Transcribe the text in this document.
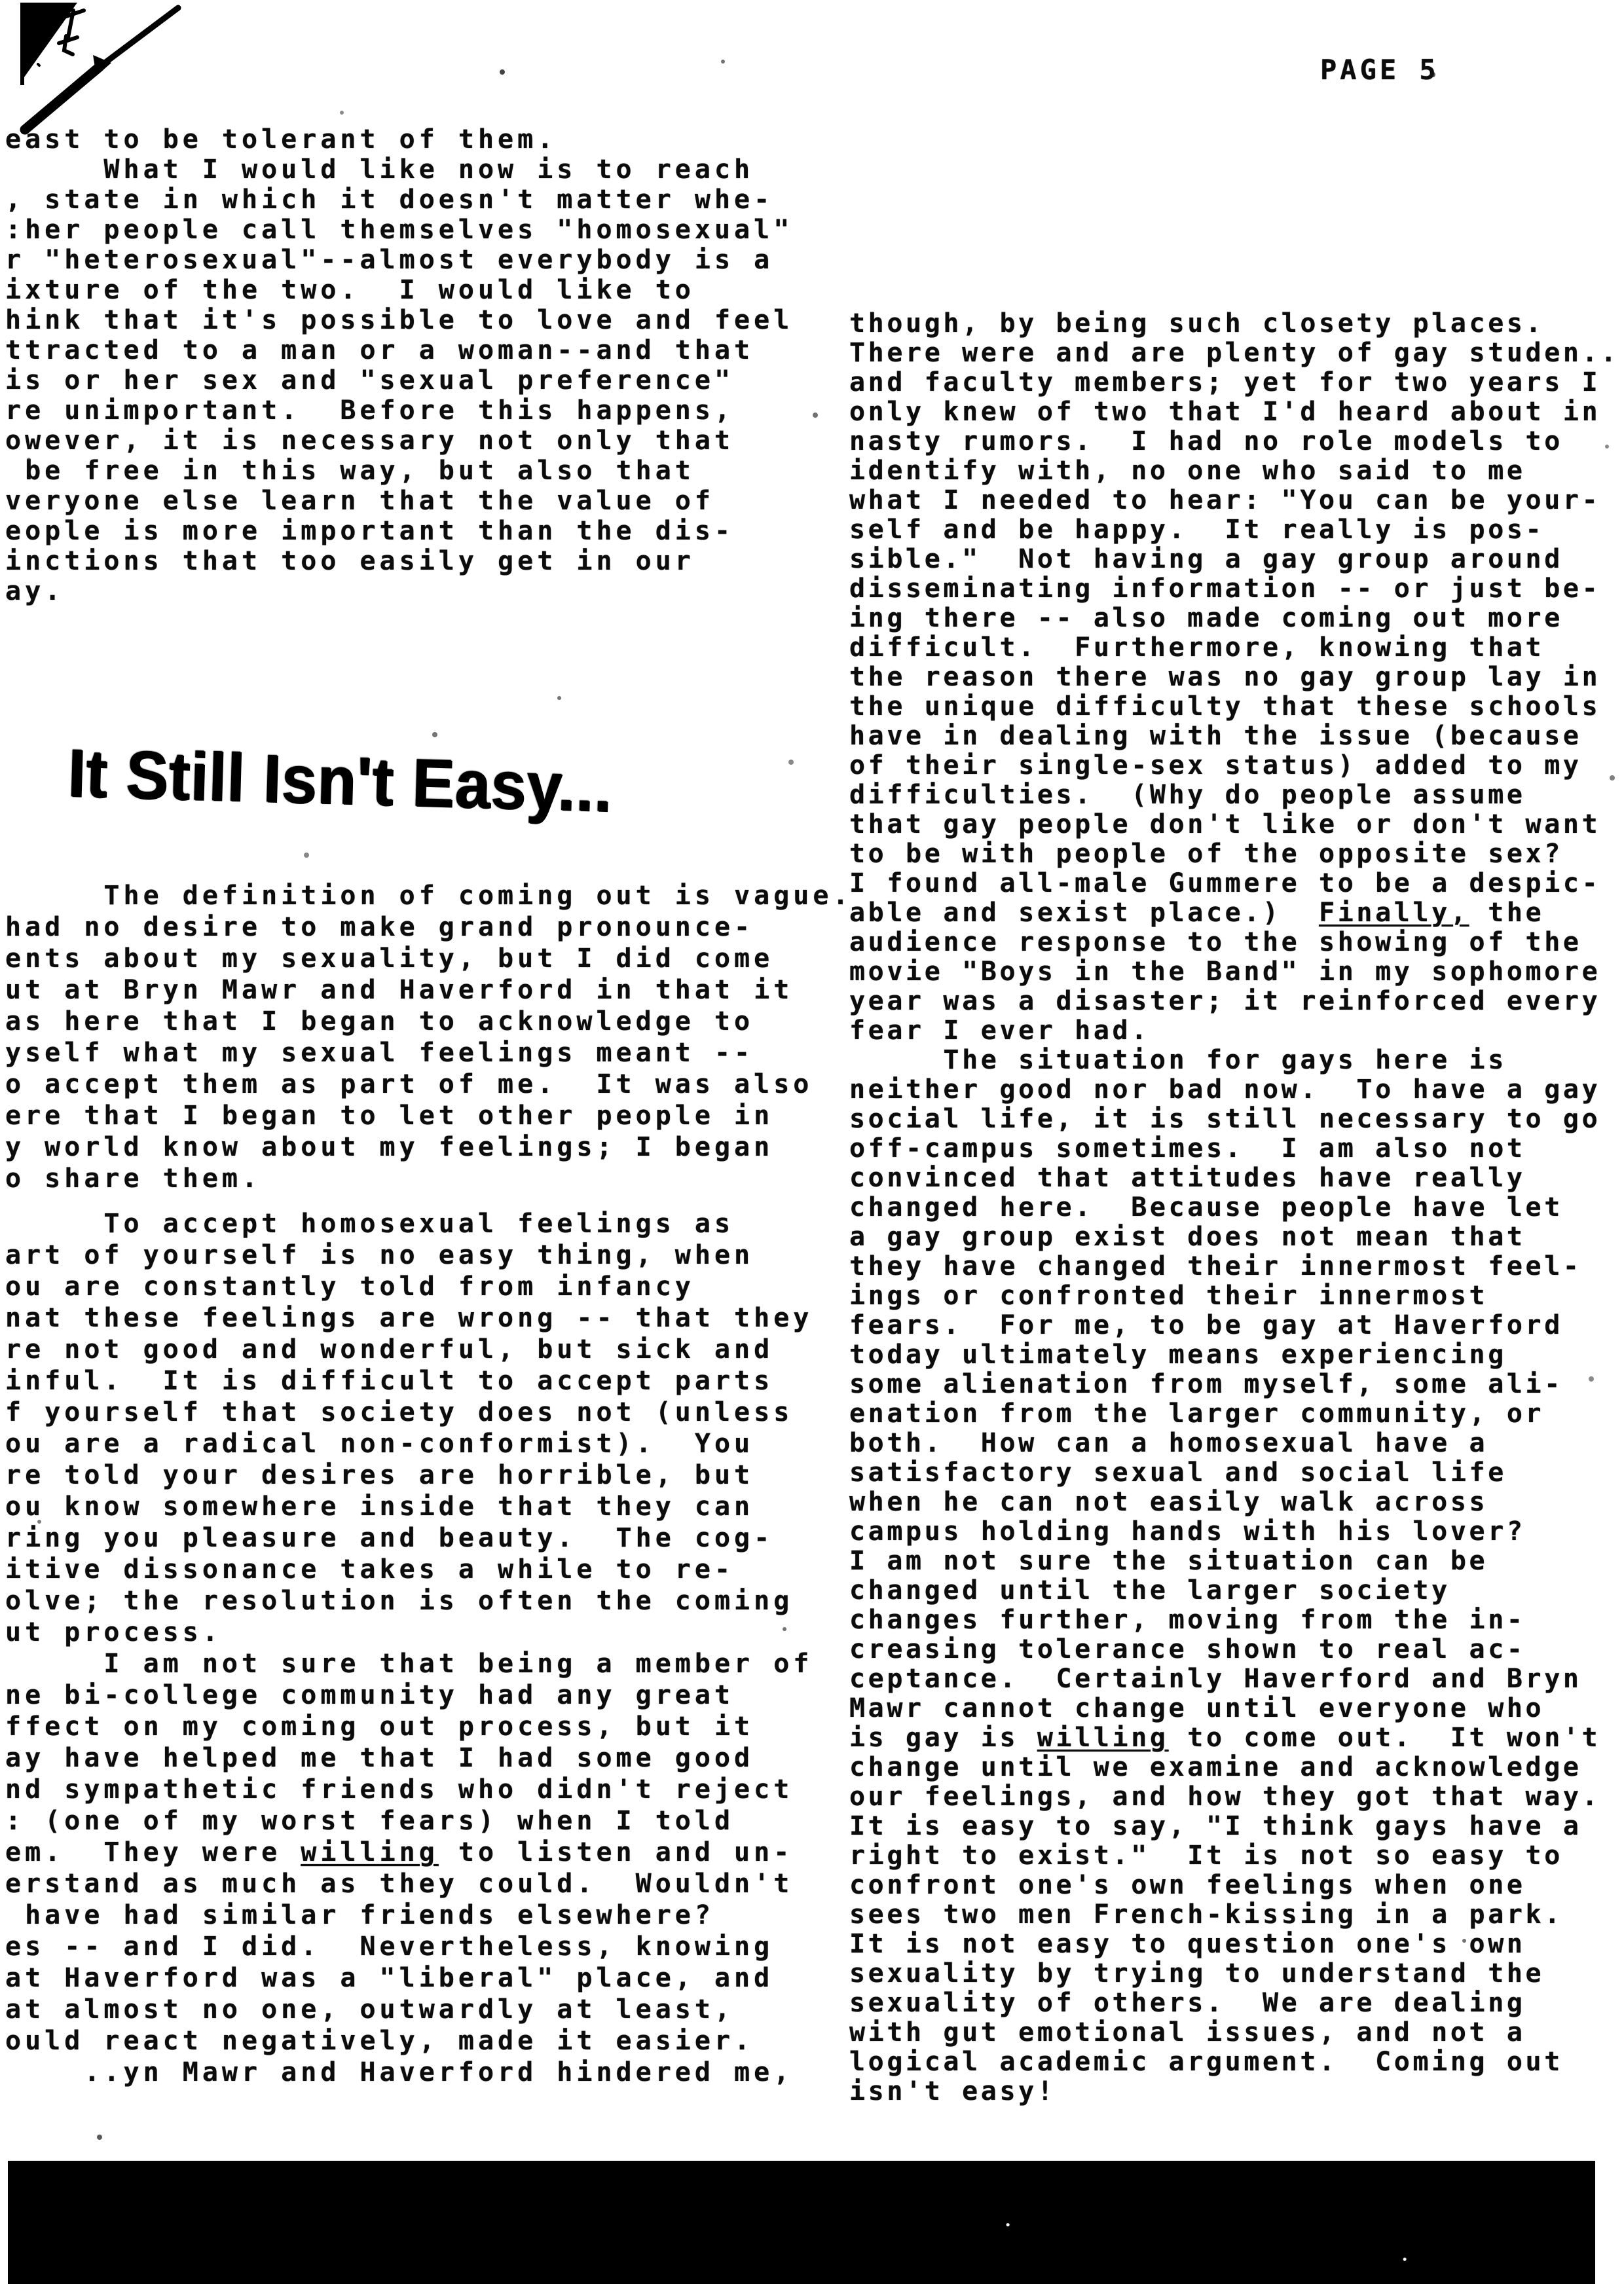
PAGE 5
east to be tolerant of them.
What I would like now is to reach
, state in which it doesn't matter whe-
:her people call themselves "homosexual"
r "heterosexual"--almost everybody is a
ixture of the two.  I would like to
hink that it's possible to love and feel
ttracted to a man or a woman--and that
is or her sex and "sexual preference"
re unimportant.  Before this happens,
owever, it is necessary not only that
be free in this way, but also that
veryone else learn that the value of
eople is more important than the dis-
inctions that too easily get in our
ay.
It Still Isn't Easy...
The definition of coming out is vague.
had no desire to make grand pronounce-
ents about my sexuality, but I did come
ut at Bryn Mawr and Haverford in that it
as here that I began to acknowledge to
yself what my sexual feelings meant --
o accept them as part of me.  It was also
ere that I began to let other people in
y world know about my feelings; I began
o share them.
To accept homosexual feelings as
art of yourself is no easy thing, when
ou are constantly told from infancy
nat these feelings are wrong -- that they
re not good and wonderful, but sick and
inful.  It is difficult to accept parts
f yourself that society does not (unless
ou are a radical non-conformist).  You
re told your desires are horrible, but
ou know somewhere inside that they can
ring you pleasure and beauty.  The cog-
itive dissonance takes a while to re-
olve; the resolution is often the coming
ut process.
I am not sure that being a member of
ne bi-college community had any great
ffect on my coming out process, but it
ay have helped me that I had some good
nd sympathetic friends who didn't reject
: (one of my worst fears) when I told
em.  They were willing to listen and un-
erstand as much as they could.  Wouldn't
have had similar friends elsewhere?
es -- and I did.  Nevertheless, knowing
at Haverford was a "liberal" place, and
at almost no one, outwardly at least,
ould react negatively, made it easier.
..yn Mawr and Haverford hindered me,
though, by being such closety places.
There were and are plenty of gay studen..
and faculty members; yet for two years I
only knew of two that I'd heard about in
nasty rumors.  I had no role models to
identify with, no one who said to me
what I needed to hear: "You can be your-
self and be happy.  It really is pos-
sible."  Not having a gay group around
disseminating information -- or just be-
ing there -- also made coming out more
difficult.  Furthermore, knowing that
the reason there was no gay group lay in
the unique difficulty that these schools
have in dealing with the issue (because
of their single-sex status) added to my
difficulties.  (Why do people assume
that gay people don't like or don't want
to be with people of the opposite sex?
I found all-male Gummere to be a despic-
able and sexist place.)  Finally, the
audience response to the showing of the
movie "Boys in the Band" in my sophomore
year was a disaster; it reinforced every
fear I ever had.
The situation for gays here is
neither good nor bad now.  To have a gay
social life, it is still necessary to go
off-campus sometimes.  I am also not
convinced that attitudes have really
changed here.  Because people have let
a gay group exist does not mean that
they have changed their innermost feel-
ings or confronted their innermost
fears.  For me, to be gay at Haverford
today ultimately means experiencing
some alienation from myself, some ali-
enation from the larger community, or
both.  How can a homosexual have a
satisfactory sexual and social life
when he can not easily walk across
campus holding hands with his lover?
I am not sure the situation can be
changed until the larger society
changes further, moving from the in-
creasing tolerance shown to real ac-
ceptance.  Certainly Haverford and Bryn
Mawr cannot change until everyone who
is gay is willing to come out.  It won't
change until we examine and acknowledge
our feelings, and how they got that way.
It is easy to say, "I think gays have a
right to exist."  It is not so easy to
confront one's own feelings when one
sees two men French-kissing in a park.
It is not easy to question one's own
sexuality by trying to understand the
sexuality of others.  We are dealing
with gut emotional issues, and not a
logical academic argument.  Coming out
isn't easy!
